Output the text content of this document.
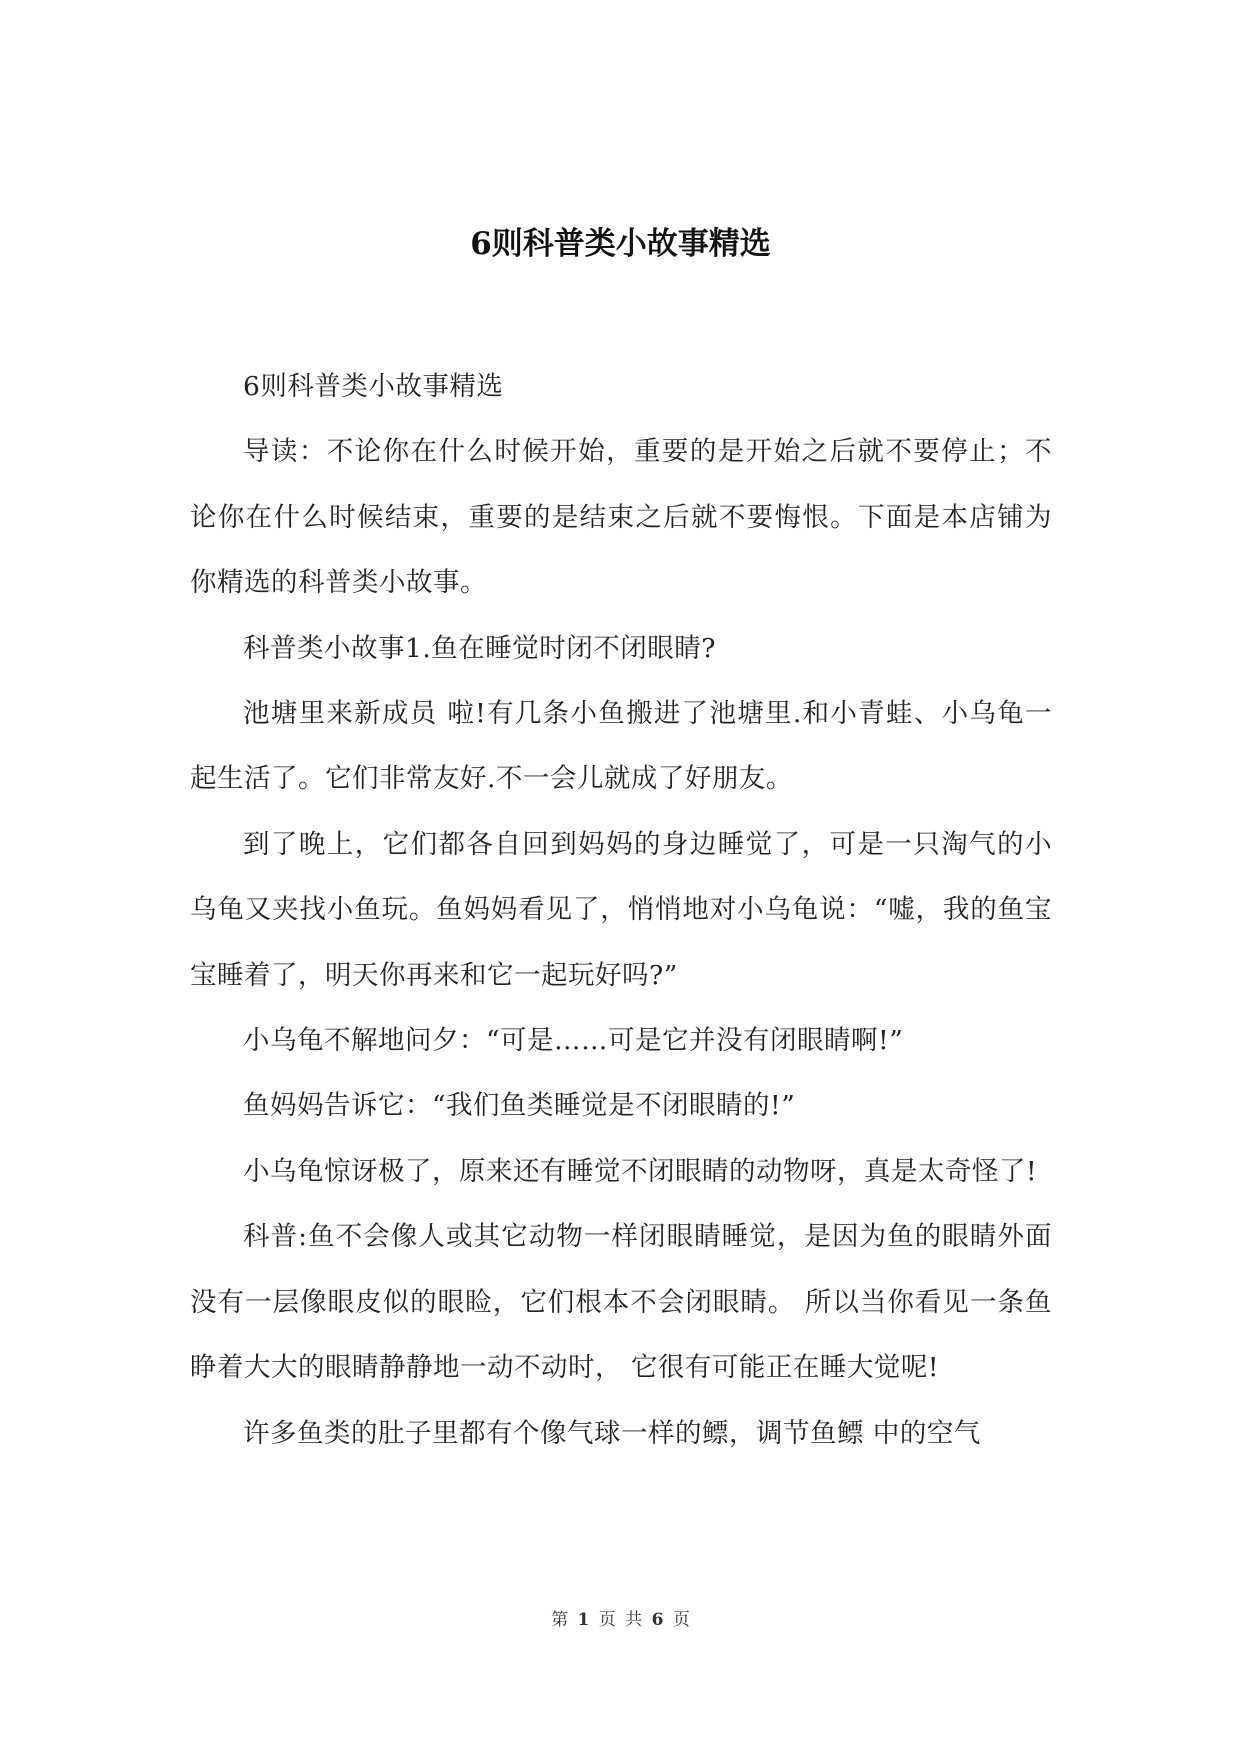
6则科普类小故事精选

6则科普类小故事精选

导读：不论你在什么时候开始，重要的是开始之后就不要停止；不论你在什么时候结束，重要的是结束之后就不要悔恨。下面是本店铺为你精选的科普类小故事。

科普类小故事1.鱼在睡觉时闭不闭眼睛?

池塘里来新成员 啦!有几条小鱼搬进了池塘里.和小青蛙、小乌龟一起生活了。它们非常友好.不一会儿就成了好朋友。

到了晚上，它们都各自回到妈妈的身边睡觉了，可是一只淘气的小乌龟又夹找小鱼玩。鱼妈妈看见了，悄悄地对小乌龟说：“嘘，我的鱼宝宝睡着了，明天你再来和它一起玩好吗?”

小乌龟不解地问夕：“可是……可是它并没有闭眼睛啊!”

鱼妈妈告诉它：“我们鱼类睡觉是不闭眼睛的!”

小乌龟惊讶极了，原来还有睡觉不闭眼睛的动物呀，真是太奇怪了!

科普:鱼不会像人或其它动物一样闭眼睛睡觉，是因为鱼的眼睛外面没有一层像眼皮似的眼睑，它们根本不会闭眼睛。 所以当你看见一条鱼睁着大大的眼睛静静地一动不动时， 它很有可能正在睡大觉呢!

许多鱼类的肚子里都有个像气球一样的鳔，调节鱼鳔 中的空气

第 1 页 共 6 页
